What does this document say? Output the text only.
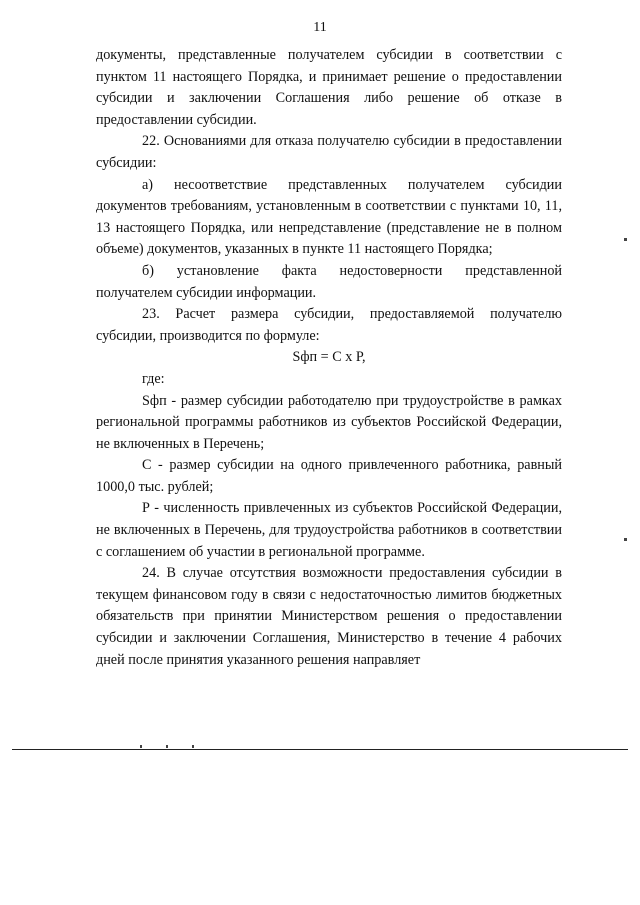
11

документы, представленные получателем субсидии в соответствии с пунктом 11 настоящего Порядка, и принимает решение о предоставлении субсидии и заключении Соглашения либо решение об отказе в предоставлении субсидии.

22. Основаниями для отказа получателю субсидии в предоставлении субсидии:

а) несоответствие представленных получателем субсидии документов требованиям, установленным в соответствии с пунктами 10, 11, 13 настоящего Порядка, или непредставление (представление не в полном объеме) документов, указанных в пункте 11 настоящего Порядка;

б) установление факта недостоверности представленной получателем субсидии информации.

23. Расчет размера субсидии, предоставляемой получателю субсидии, производится по формуле:

Sфп = С x Р,

где:

Sфп - размер субсидии работодателю при трудоустройстве в рамках региональной программы работников из субъектов Российской Федерации, не включенных в Перечень;

С - размер субсидии на одного привлеченного работника, равный 1000,0 тыс. рублей;

Р - численность привлеченных из субъектов Российской Федерации, не включенных в Перечень, для трудоустройства работников в соответствии с соглашением об участии в региональной программе.

24. В случае отсутствия возможности предоставления субсидии в текущем финансовом году в связи с недостаточностью лимитов бюджетных обязательств при принятии Министерством решения о предоставлении субсидии и заключении Соглашения, Министерство в течение 4 рабочих дней после принятия указанного решения направляет
